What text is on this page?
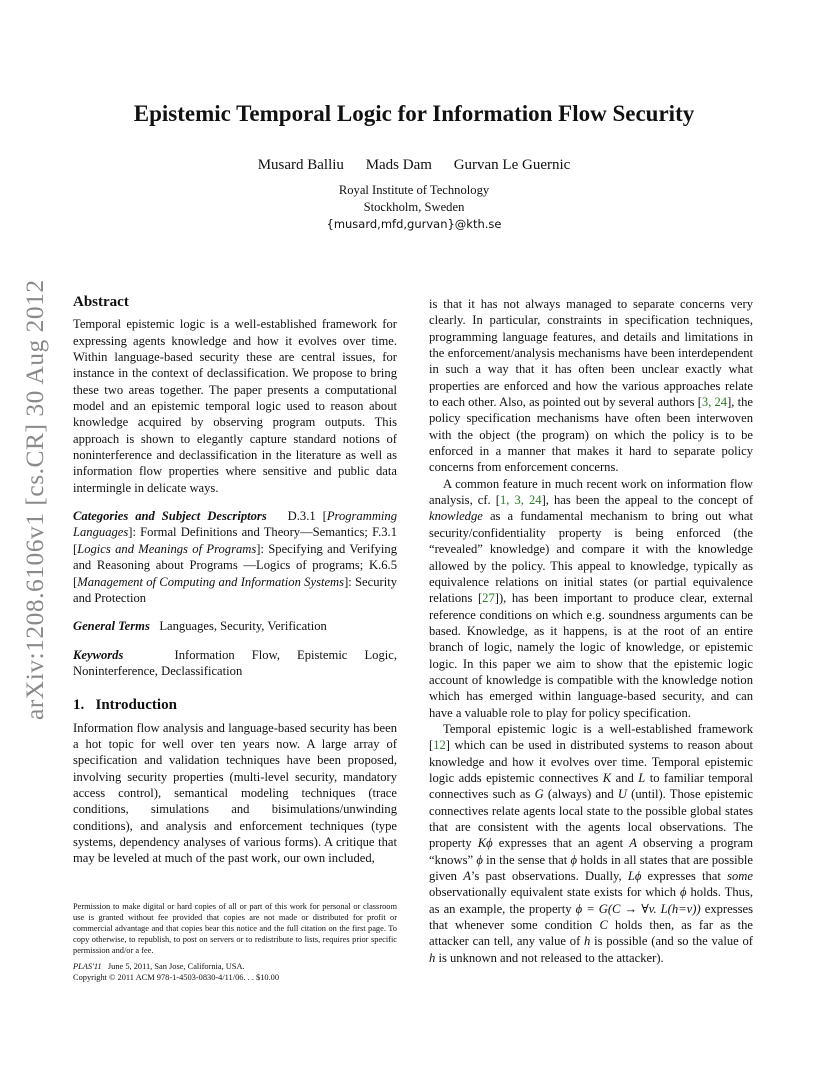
arXiv:1208.6106v1 [cs.CR] 30 Aug 2012
Epistemic Temporal Logic for Information Flow Security
Musard Balliu Mads Dam Gurvan Le Guernic
Royal Institute of Technology
Stockholm, Sweden
{musard,mfd,gurvan}@kth.se
Abstract

Temporal epistemic logic is a well-established framework for expressing agents knowledge and how it evolves over time. Within language-based security these are central issues, for instance in the context of declassification. We propose to bring these two areas together. The paper presents a computational model and an epistemic temporal logic used to reason about knowledge acquired by observing program outputs. This approach is shown to elegantly capture standard notions of noninterference and declassification in the literature as well as information flow properties where sensitive and public data intermingle in delicate ways.

Categories and Subject Descriptors D.3.1 [Programming Languages]: Formal Definitions and Theory—Semantics; F.3.1 [Logics and Meanings of Programs]: Specifying and Verifying and Reasoning about Programs —Logics of programs; K.6.5 [Management of Computing and Information Systems]: Security and Protection

General Terms Languages, Security, Verification

Keywords	Information Flow, Epistemic Logic, Noninterference, Declassification

1.   Introduction

Information flow analysis and language-based security has been a hot topic for well over ten years now. A large array of specification and validation techniques have been proposed, involving security properties (multi-level security, mandatory access control), semantical modeling techniques (trace conditions, simulations and bisimulations/unwinding conditions), and analysis and enforcement techniques (type systems, dependency analyses of various forms). A critique that may be leveled at much of the past work, our own included,

is that it has not always managed to separate concerns very clearly. In particular, constraints in specification techniques, programming language features, and details and limitations in the enforcement/analysis mechanisms have been interdependent in such a way that it has often been unclear exactly what properties are enforced and how the various approaches relate to each other. Also, as pointed out by several authors [3, 24], the policy specification mechanisms have often been interwoven with the object (the program) on which the policy is to be enforced in a manner that makes it hard to separate policy concerns from enforcement concerns.

A common feature in much recent work on information flow analysis, cf. [1, 3, 24], has been the appeal to the concept of knowledge as a fundamental mechanism to bring out what security/confidentiality property is being enforced (the “revealed” knowledge) and compare it with the knowledge allowed by the policy. This appeal to knowledge, typically as equivalence relations on initial states (or partial equivalence relations [27]), has been important to produce clear, external reference conditions on which e.g. soundness arguments can be based. Knowledge, as it happens, is at the root of an entire branch of logic, namely the logic of knowledge, or epistemic logic. In this paper we aim to show that the epistemic logic account of knowledge is compatible with the knowledge notion which has emerged within language-based security, and can have a valuable role to play for policy specification.

Temporal epistemic logic is a well-established framework [12] which can be used in distributed systems to reason about knowledge and how it evolves over time. Temporal epistemic logic adds epistemic connectives K and L to familiar temporal connectives such as G (always) and U (until). Those epistemic connectives relate agents local state to the possible global states that are consistent with the agents local observations. The property Kϕ expresses that an agent A observing a program “knows” ϕ in the sense that ϕ holds in all states that are possible given A’s past observations. Dually, Lϕ expresses that some observationally equivalent state exists for which ϕ holds. Thus, as an example, the property ϕ = G(C → ∀v. L(h=v)) expresses that whenever some condition C holds then, as far as the attacker can tell, any value of h is possible (and so the value of h is unknown and not released to the attacker).

Permission to make digital or hard copies of all or part of this work for personal or classroom use is granted without fee provided that copies are not made or distributed for profit or commercial advantage and that copies bear this notice and the full citation on the first page. To copy otherwise, to republish, to post on servers or to redistribute to lists, requires prior specific permission and/or a fee.

PLAS'11   June 5, 2011, San Jose, California, USA.

Copyright © 2011 ACM 978-1-4503-0830-4/11/06. . . $10.00
